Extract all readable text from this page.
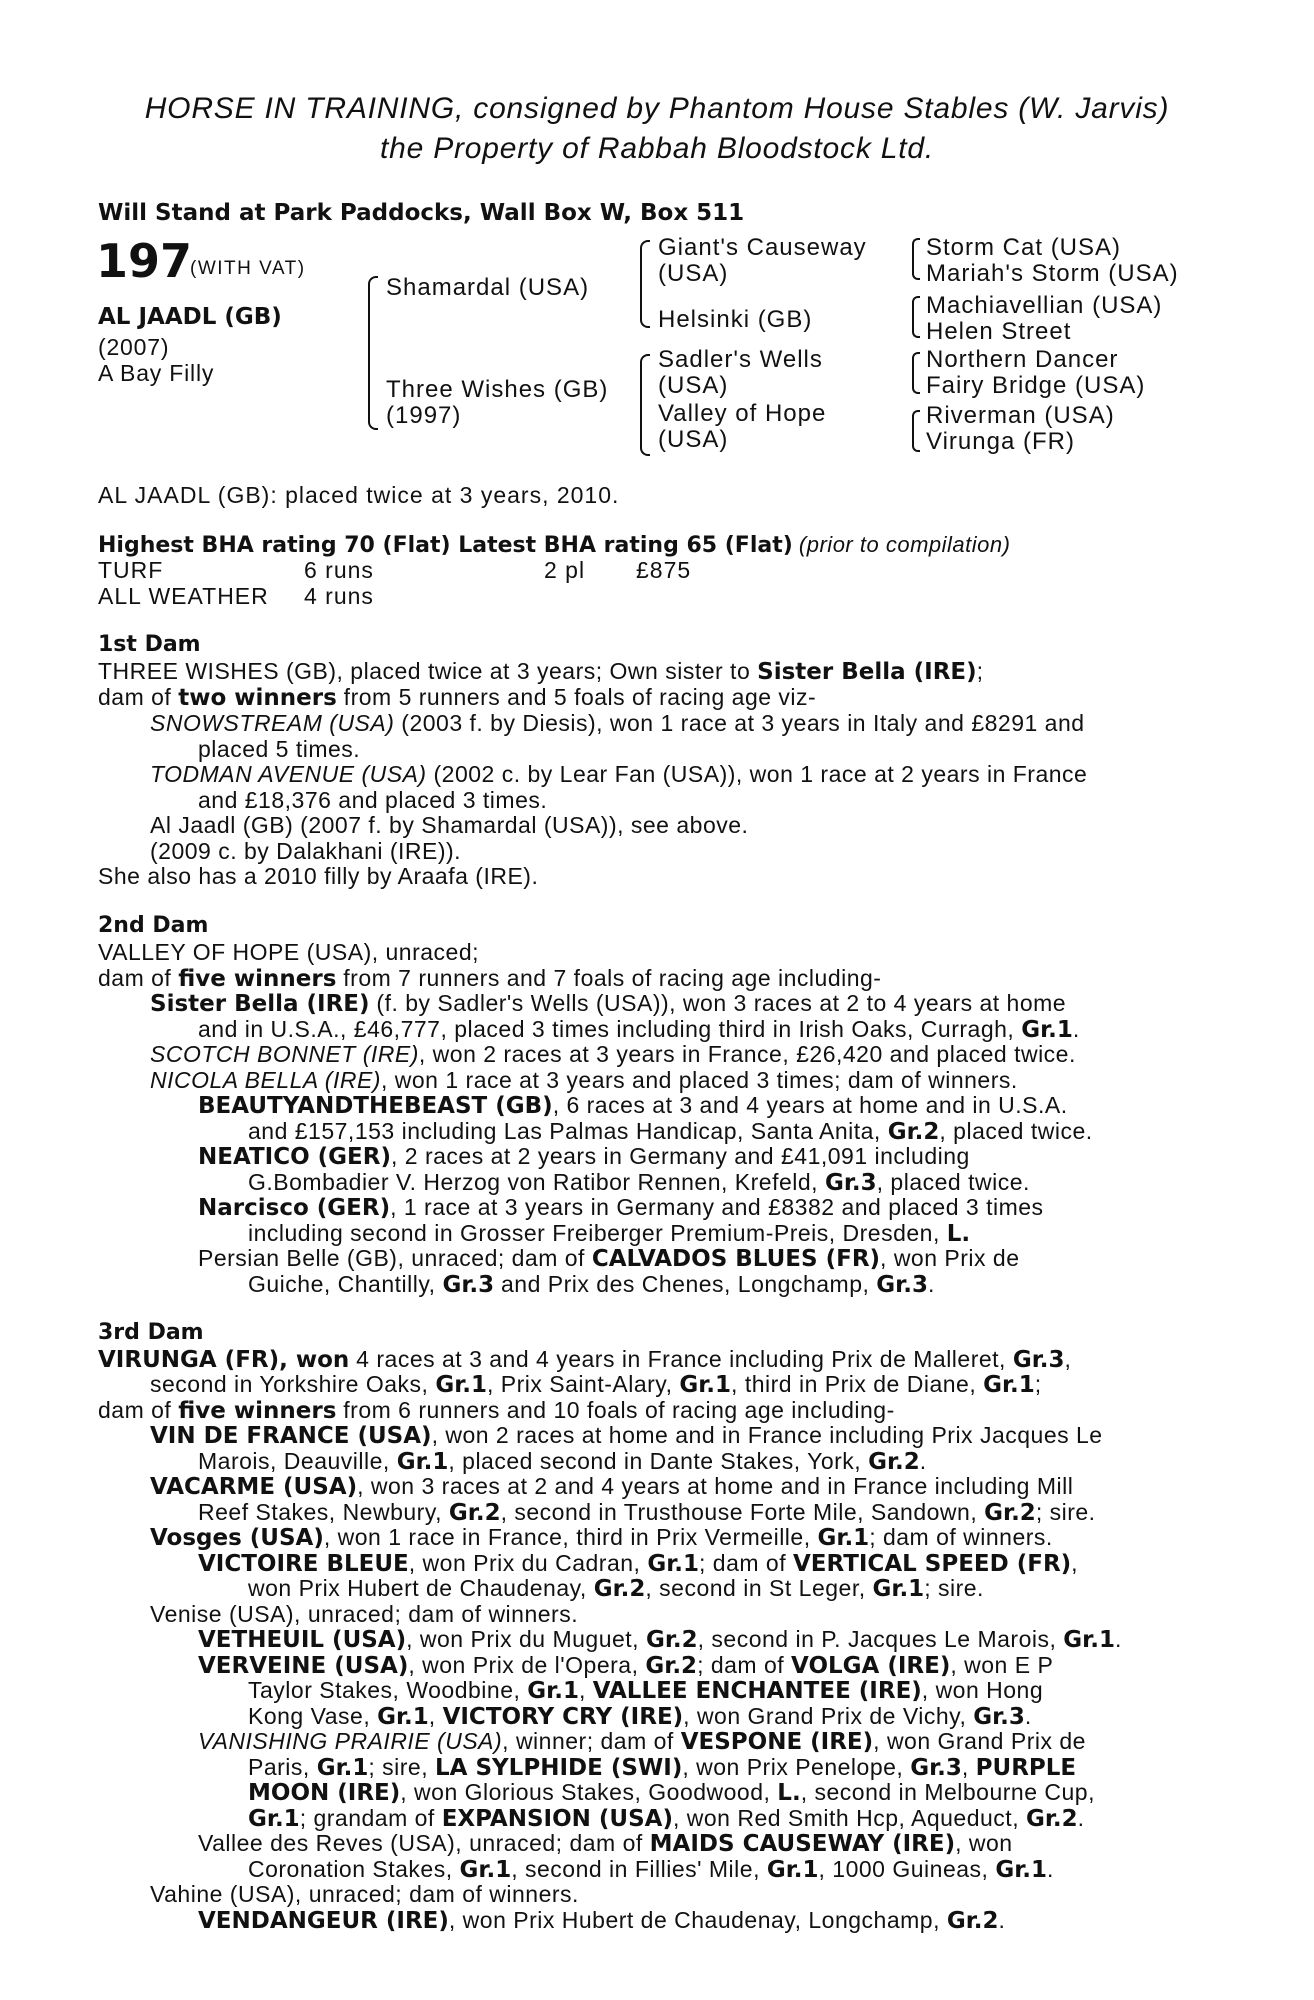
HORSE IN TRAINING, consigned by Phantom House Stables (W. Jarvis)
the Property of Rabbah Bloodstock Ltd.
Will Stand at Park Paddocks, Wall Box W, Box 511
197
(WITH VAT)
AL JAADL (GB)
(2007)
A Bay Filly
Shamardal (USA)
Three Wishes (GB)
(1997)
Giant's Causeway
(USA)
Helsinki (GB)
Sadler's Wells
(USA)
Valley of Hope
(USA)
Storm Cat (USA)
Mariah's Storm (USA)
Machiavellian (USA)
Helen Street
Northern Dancer
Fairy Bridge (USA)
Riverman (USA)
Virunga (FR)
AL JAADL (GB): placed twice at 3 years, 2010.
Highest BHA rating 70 (Flat) Latest BHA rating 65 (Flat) (prior to compilation)
TURF	6 runs	2 pl £875
ALL WEATHER 4 runs
1st Dam
THREE WISHES (GB), placed twice at 3 years; Own sister to Sister Bella (IRE);
dam of two winners from 5 runners and 5 foals of racing age viz-
SNOWSTREAM (USA) (2003 f. by Diesis), won 1 race at 3 years in Italy and £8291 and
placed 5 times.
TODMAN AVENUE (USA) (2002 c. by Lear Fan (USA)), won 1 race at 2 years in France
and £18,376 and placed 3 times.
Al Jaadl (GB) (2007 f. by Shamardal (USA)), see above.
(2009 c. by Dalakhani (IRE)).
She also has a 2010 filly by Araafa (IRE).
2nd Dam
VALLEY OF HOPE (USA), unraced;
dam of five winners from 7 runners and 7 foals of racing age including-
Sister Bella (IRE) (f. by Sadler's Wells (USA)), won 3 races at 2 to 4 years at home
and in U.S.A., £46,777, placed 3 times including third in Irish Oaks, Curragh, Gr.1.
SCOTCH BONNET (IRE), won 2 races at 3 years in France, £26,420 and placed twice.
NICOLA BELLA (IRE), won 1 race at 3 years and placed 3 times; dam of winners.
BEAUTYANDTHEBEAST (GB), 6 races at 3 and 4 years at home and in U.S.A.
and £157,153 including Las Palmas Handicap, Santa Anita, Gr.2, placed twice.
NEATICO (GER), 2 races at 2 years in Germany and £41,091 including
G.Bombadier V. Herzog von Ratibor Rennen, Krefeld, Gr.3, placed twice.
Narcisco (GER), 1 race at 3 years in Germany and £8382 and placed 3 times
including second in Grosser Freiberger Premium-Preis, Dresden, L.
Persian Belle (GB), unraced; dam of CALVADOS BLUES (FR), won Prix de
Guiche, Chantilly, Gr.3 and Prix des Chenes, Longchamp, Gr.3.
3rd Dam
VIRUNGA (FR), won 4 races at 3 and 4 years in France including Prix de Malleret, Gr.3,
second in Yorkshire Oaks, Gr.1, Prix Saint-Alary, Gr.1, third in Prix de Diane, Gr.1;
dam of five winners from 6 runners and 10 foals of racing age including-
VIN DE FRANCE (USA), won 2 races at home and in France including Prix Jacques Le
Marois, Deauville, Gr.1, placed second in Dante Stakes, York, Gr.2.
VACARME (USA), won 3 races at 2 and 4 years at home and in France including Mill
Reef Stakes, Newbury, Gr.2, second in Trusthouse Forte Mile, Sandown, Gr.2; sire.
Vosges (USA), won 1 race in France, third in Prix Vermeille, Gr.1; dam of winners.
VICTOIRE BLEUE, won Prix du Cadran, Gr.1; dam of VERTICAL SPEED (FR),
won Prix Hubert de Chaudenay, Gr.2, second in St Leger, Gr.1; sire.
Venise (USA), unraced; dam of winners.
VETHEUIL (USA), won Prix du Muguet, Gr.2, second in P. Jacques Le Marois, Gr.1.
VERVEINE (USA), won Prix de l'Opera, Gr.2; dam of VOLGA (IRE), won E P
Taylor Stakes, Woodbine, Gr.1, VALLEE ENCHANTEE (IRE), won Hong
Kong Vase, Gr.1, VICTORY CRY (IRE), won Grand Prix de Vichy, Gr.3.
VANISHING PRAIRIE (USA), winner; dam of VESPONE (IRE), won Grand Prix de
Paris, Gr.1; sire, LA SYLPHIDE (SWI), won Prix Penelope, Gr.3, PURPLE
MOON (IRE), won Glorious Stakes, Goodwood, L., second in Melbourne Cup,
Gr.1; grandam of EXPANSION (USA), won Red Smith Hcp, Aqueduct, Gr.2.
Vallee des Reves (USA), unraced; dam of MAIDS CAUSEWAY (IRE), won
Coronation Stakes, Gr.1, second in Fillies' Mile, Gr.1, 1000 Guineas, Gr.1.
Vahine (USA), unraced; dam of winners.
VENDANGEUR (IRE), won Prix Hubert de Chaudenay, Longchamp, Gr.2.
